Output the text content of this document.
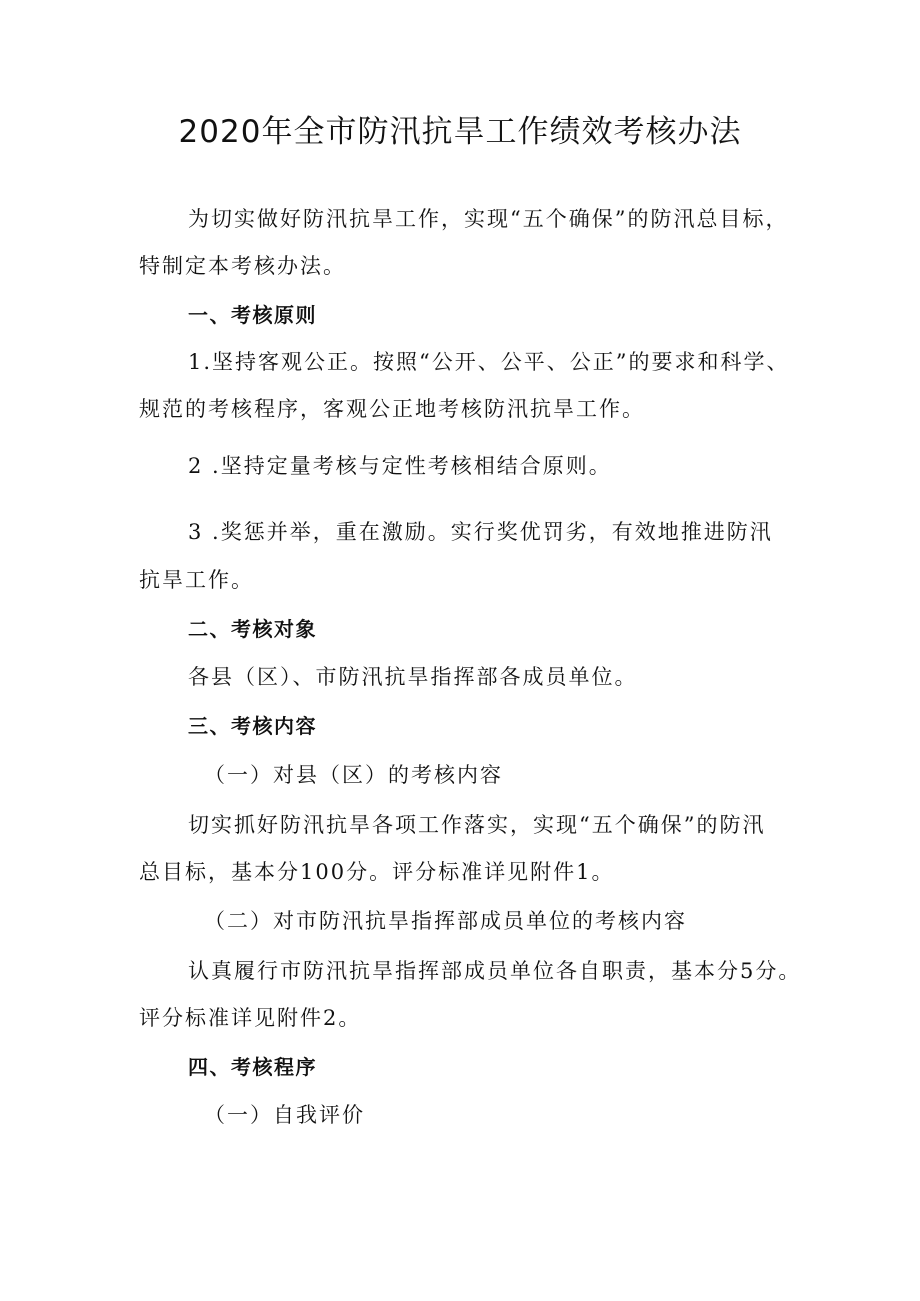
2020年全市防汛抗旱工作绩效考核办法

为切实做好防汛抗旱工作，实现“五个确保”的防汛总目标，

特制定本考核办法。

一、考核原则

1.坚持客观公正。按照“公开、公平、公正”的要求和科学、

规范的考核程序，客观公正地考核防汛抗旱工作。

2 .坚持定量考核与定性考核相结合原则。

3 .奖惩并举，重在激励。实行奖优罚劣，有效地推进防汛

抗旱工作。

二、考核对象

各县（区）、市防汛抗旱指挥部各成员单位。

三、考核内容

（一）对县（区）的考核内容

切实抓好防汛抗旱各项工作落实，实现“五个确保”的防汛

总目标，基本分100分。评分标准详见附件1。

（二）对市防汛抗旱指挥部成员单位的考核内容

认真履行市防汛抗旱指挥部成员单位各自职责，基本分5分。

评分标准详见附件2。

四、考核程序

（一）自我评价
